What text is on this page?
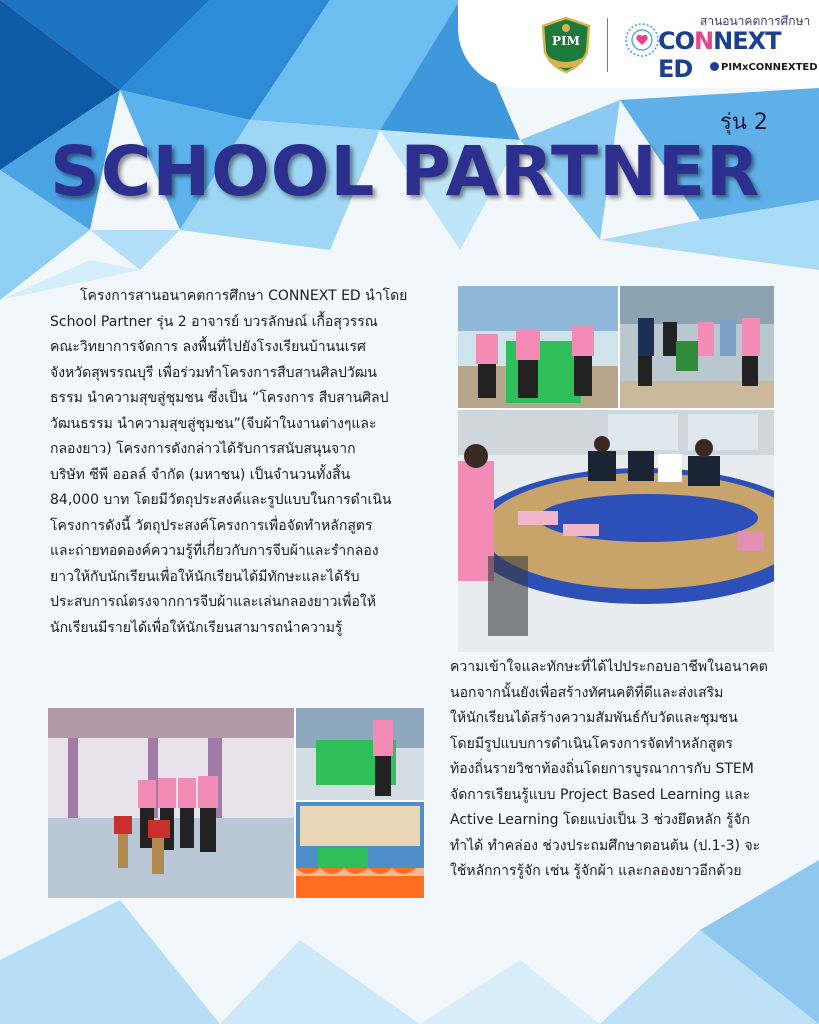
PIM
สานอนาคตการศึกษา
CONNEXT ED	PIMxCONNEXTED
รุ่น 2
SCHOOL PARTNER
โครงการสานอนาคตการศึกษา CONNEXT ED นำโดย
School Partner รุ่น 2 อาจารย์ บวรลักษณ์ เกื้อสุวรรณ
คณะวิทยาการจัดการ ลงพื้นที่ไปยังโรงเรียนบ้านนเรศ
จังหวัดสุพรรณบุรี เพื่อร่วมทำโครงการสืบสานศิลปวัฒน
ธรรม นำความสุขสู่ชุมชน ซึ่งเป็น “โครงการ สืบสานศิลป
วัฒนธรรม นำความสุขสู่ชุมชน”(จีบผ้าในงานต่างๆและ
กลองยาว) โครงการดังกล่าวได้รับการสนับสนุนจาก
บริษัท ซีพี ออลล์ จำกัด (มหาชน) เป็นจำนวนทั้งสิ้น
84,000 บาท โดยมีวัตถุประสงค์และรูปแบบในการดำเนิน
โครงการดังนี้ วัตถุประสงค์โครงการเพื่อจัดทำหลักสูตร
และถ่ายทอดองค์ความรู้ที่เกี่ยวกับการจีบผ้าและรำกลอง
ยาวให้กับนักเรียนเพื่อให้นักเรียนได้มีทักษะและได้รับ
ประสบการณ์ตรงจากการจีบผ้าและเล่นกลองยาวเพื่อให้
นักเรียนมีรายได้เพื่อให้นักเรียนสามารถนำความรู้
ความเข้าใจและทักษะที่ได้ไปประกอบอาชีพในอนาคต
นอกจากนั้นยังเพื่อสร้างทัศนคติที่ดีและส่งเสริม
ให้นักเรียนได้สร้างความสัมพันธ์กับวัดและชุมชน
โดยมีรูปแบบการดำเนินโครงการจัดทำหลักสูตร
ท้องถิ่นรายวิชาท้องถิ่นโดยการบูรณาการกับ STEM
จัดการเรียนรู้แบบ Project Based Learning และ
Active Learning โดยแบ่งเป็น 3 ช่วงยึดหลัก รู้จัก
ทำได้ ทำคล่อง ช่วงประถมศึกษาตอนต้น (ป.1-3) จะ
ใช้หลักการรู้จัก เช่น รู้จักผ้า และกลองยาวอีกด้วย
